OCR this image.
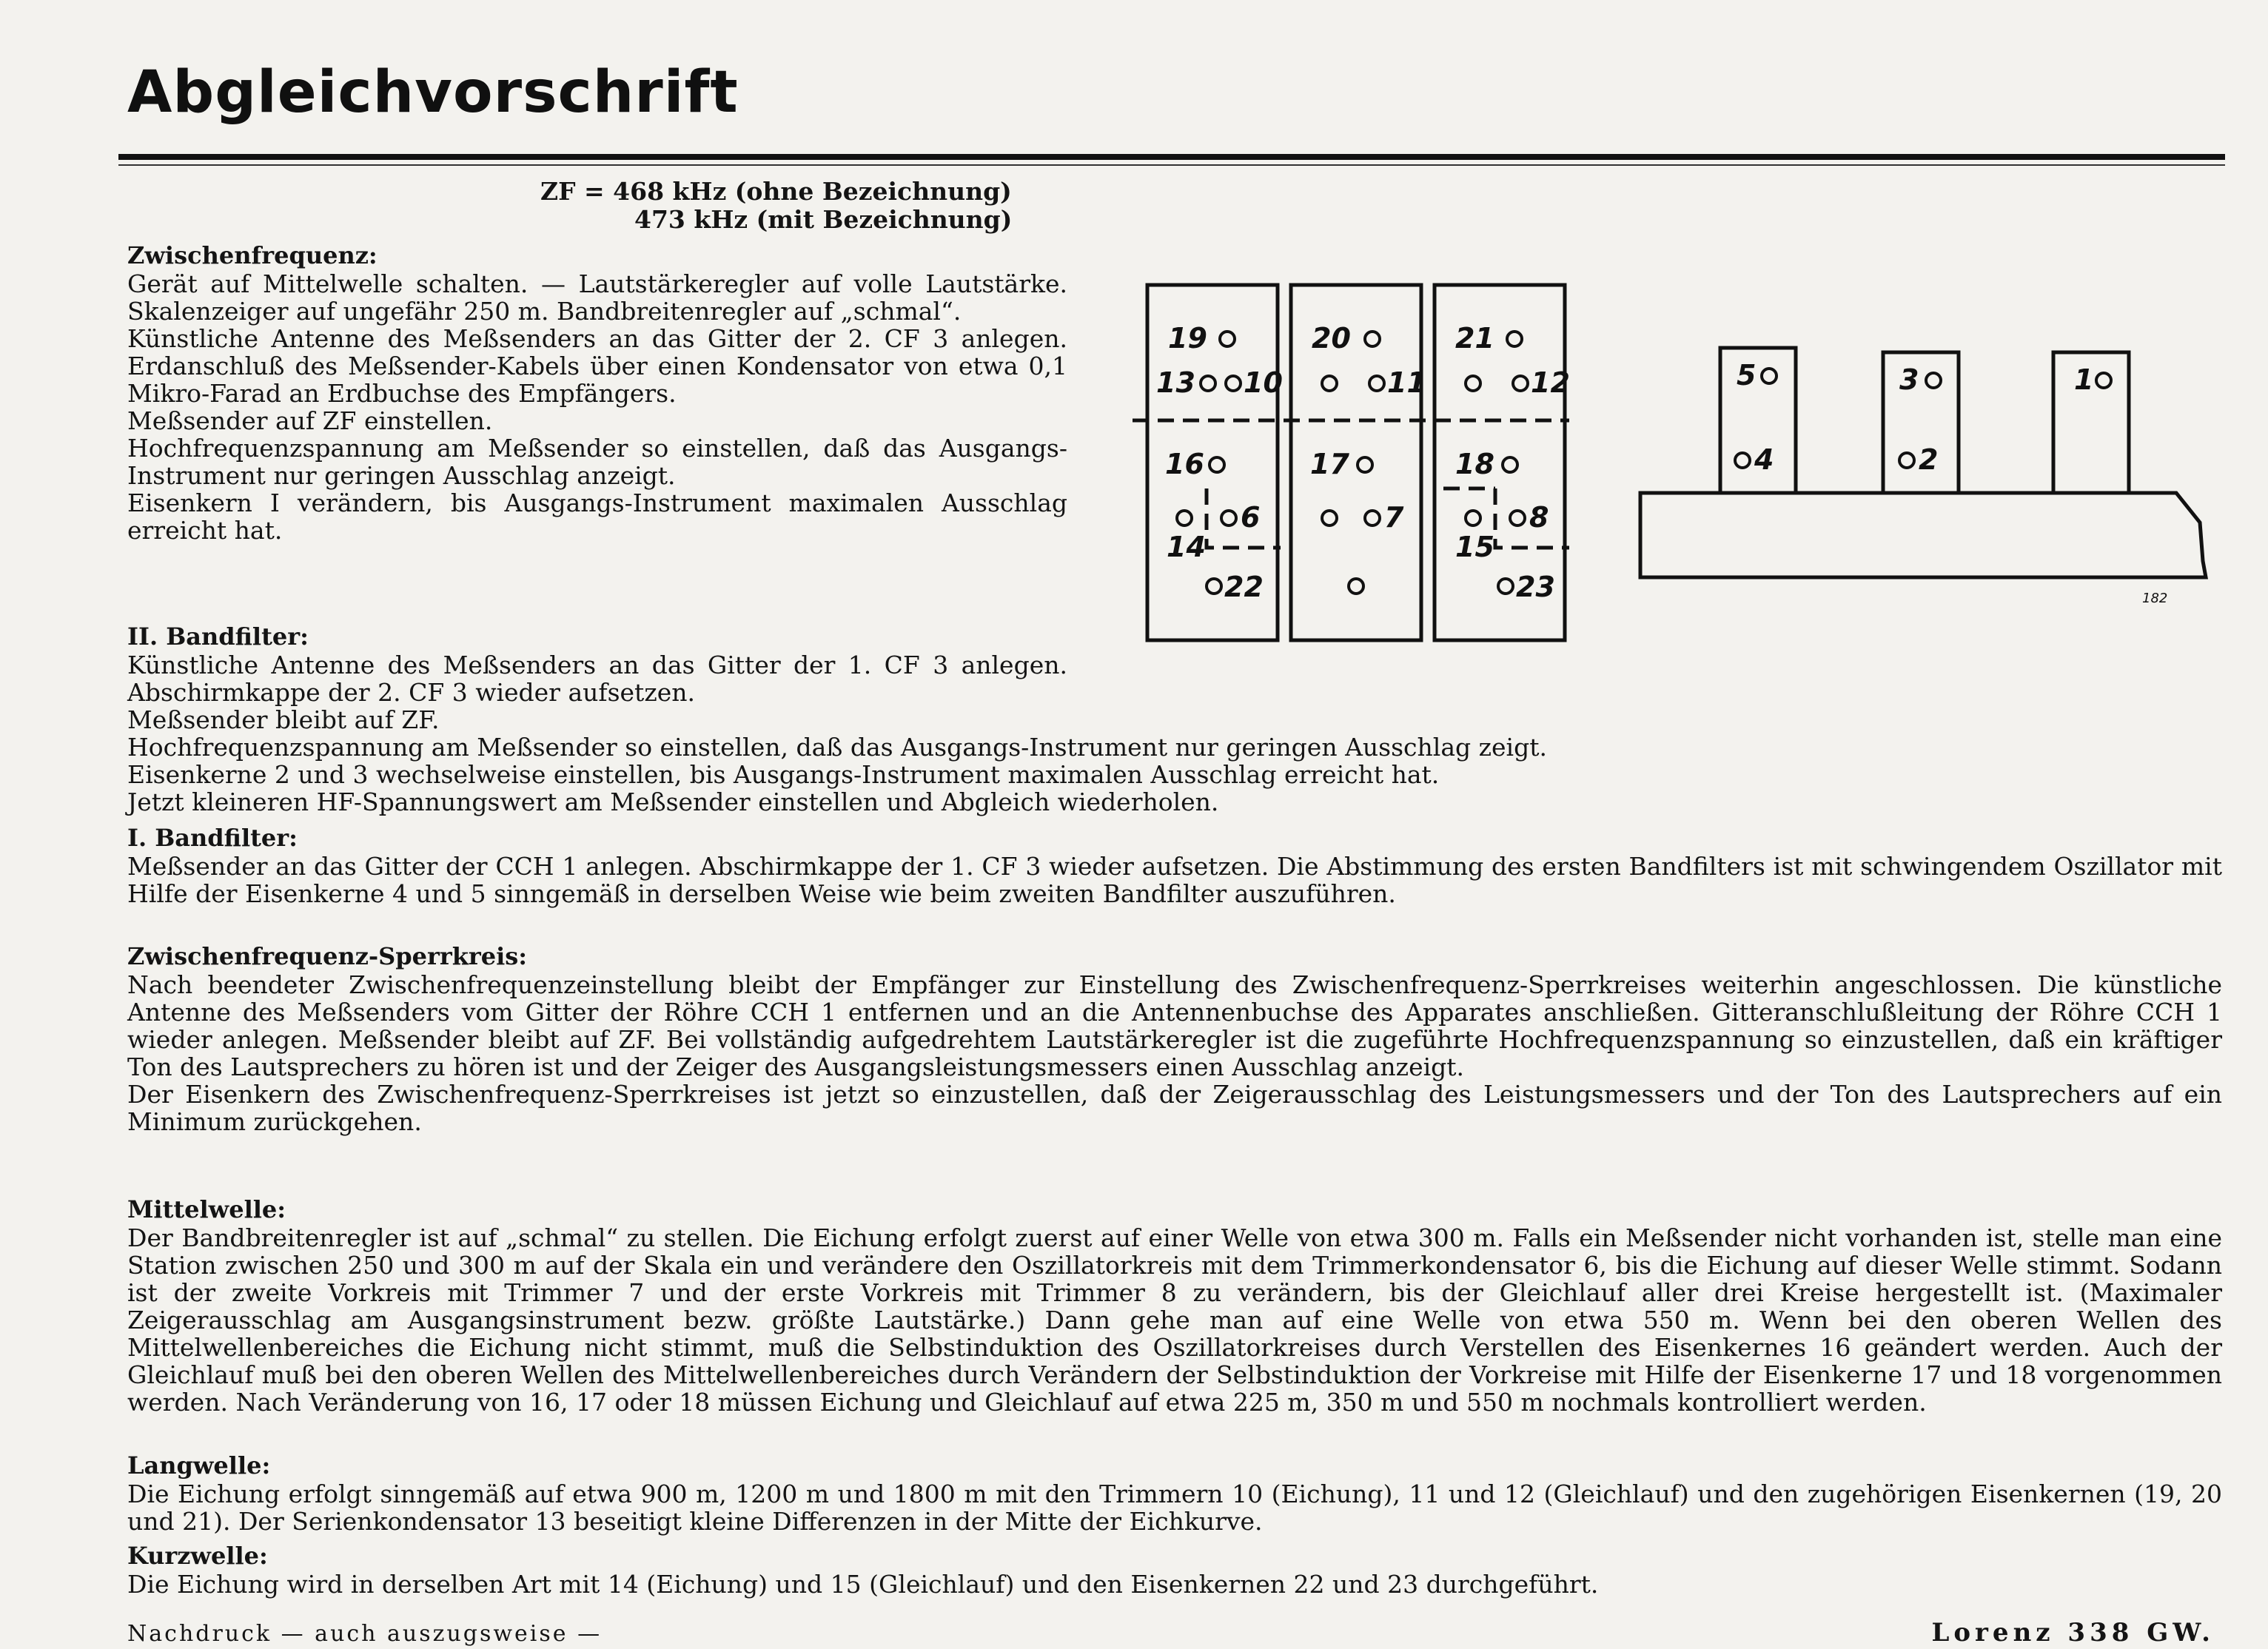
Abgleichvorschrift
ZF = 468 kHz (ohne Bezeichnung)
473 kHz (mit Bezeichnung)

Zwischenfrequenz:

Gerät auf Mittelwelle schalten. — Lautstärkeregler auf volle Lautstärke. Skalenzeiger auf ungefähr 250 m. Bandbreitenregler auf „schmal“.

Künstliche Antenne des Meßsenders an das Gitter der 2. CF 3 anlegen. Erdanschluß des Meßsender-Kabels über einen Kondensator von etwa 0,1 Mikro-Farad an Erdbuchse des Empfängers.

Meßsender auf ZF einstellen.

Hochfrequenzspannung am Meßsender so einstellen, daß das Ausgangs-Instrument nur geringen Ausschlag anzeigt.

Eisenkern I verändern, bis Ausgangs-Instrument maximalen Ausschlag erreicht hat.

II. Bandfilter:

Künstliche Antenne des Meßsenders an das Gitter der 1. CF 3 anlegen. Abschirmkappe der 2. CF 3 wieder aufsetzen.

Meßsender bleibt auf ZF.

Hochfrequenzspannung am Meßsender so einstellen, daß das Ausgangs-Instrument nur geringen Ausschlag zeigt.

Eisenkerne 2 und 3 wechselweise einstellen, bis Ausgangs-Instrument maximalen Ausschlag erreicht hat.

Jetzt kleineren HF-Spannungswert am Meßsender einstellen und Abgleich wiederholen.

I. Bandfilter:

Meßsender an das Gitter der CCH 1 anlegen. Abschirmkappe der 1. CF 3 wieder aufsetzen. Die Abstimmung des ersten Bandfilters ist mit schwingendem Oszillator mit Hilfe der Eisenkerne 4 und 5 sinngemäß in derselben Weise wie beim zweiten Bandfilter auszuführen.

Zwischenfrequenz-Sperrkreis:

Nach beendeter Zwischenfrequenzeinstellung bleibt der Empfänger zur Einstellung des Zwischenfrequenz-Sperrkreises weiterhin angeschlossen. Die künstliche Antenne des Meßsenders vom Gitter der Röhre CCH 1 entfernen und an die Antennenbuchse des Apparates anschließen. Gitteranschlußleitung der Röhre CCH 1 wieder anlegen. Meßsender bleibt auf ZF. Bei vollständig aufgedrehtem Lautstärkeregler ist die zugeführte Hochfrequenzspannung so einzustellen, daß ein kräftiger Ton des Lautsprechers zu hören ist und der Zeiger des Ausgangsleistungsmessers einen Ausschlag anzeigt.

Der Eisenkern des Zwischenfrequenz-Sperrkreises ist jetzt so einzustellen, daß der Zeigerausschlag des Leistungsmessers und der Ton des Lautsprechers auf ein Minimum zurückgehen.

Mittelwelle:

Der Bandbreitenregler ist auf „schmal“ zu stellen. Die Eichung erfolgt zuerst auf einer Welle von etwa 300 m. Falls ein Meßsender nicht vorhanden ist, stelle man eine Station zwischen 250 und 300 m auf der Skala ein und verändere den Oszillatorkreis mit dem Trimmerkondensator 6, bis die Eichung auf dieser Welle stimmt. Sodann ist der zweite Vorkreis mit Trimmer 7 und der erste Vorkreis mit Trimmer 8 zu verändern, bis der Gleichlauf aller drei Kreise hergestellt ist. (Maximaler Zeigerausschlag am Ausgangsinstrument bezw. größte Lautstärke.) Dann gehe man auf eine Welle von etwa 550 m. Wenn bei den oberen Wellen des Mittelwellenbereiches die Eichung nicht stimmt, muß die Selbstinduktion des Oszillatorkreises durch Verstellen des Eisenkernes 16 geändert werden. Auch der Gleichlauf muß bei den oberen Wellen des Mittelwellenbereiches durch Verändern der Selbstinduktion der Vorkreise mit Hilfe der Eisenkerne 17 und 18 vorgenommen werden. Nach Veränderung von 16, 17 oder 18 müssen Eichung und Gleichlauf auf etwa 225 m, 350 m und 550 m nochmals kontrolliert werden.

Langwelle:

Die Eichung erfolgt sinngemäß auf etwa 900 m, 1200 m und 1800 m mit den Trimmern 10 (Eichung), 11 und 12 (Gleichlauf) und den zugehörigen Eisenkernen (19, 20 und 21). Der Serienkondensator 13 beseitigt kleine Differenzen in der Mitte der Eichkurve.

Kurzwelle:

Die Eichung wird in derselben Art mit 14 (Eichung) und 15 (Gleichlauf) und den Eisenkernen 22 und 23 durchgeführt.

Nachdruck — auch auszugsweise —	Lorenz 338 GW.
19	20	21
13 10	11	12
16	17	18
14
6	7
15
8
22	23
5
4
3
2
1
182
